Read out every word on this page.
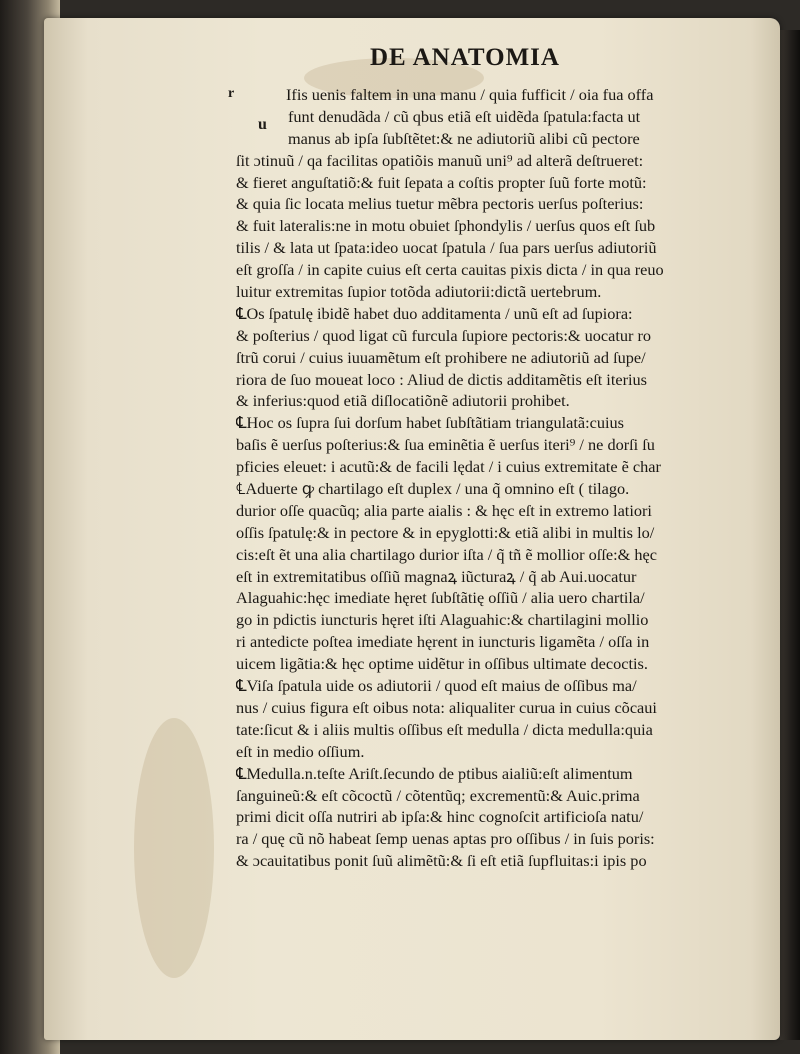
DE ANATOMIA
r
u
Ifis uenis faltem in una manu / quia fufficit / oia fua offa
funt denudãda / cũ qbus etiã eſt uidẽda ſpatula:facta ut
manus ab ipſa ſubſtẽtet:& ne adiutoriũ alibi cũ pectore
ſit ɔtinuũ / qa facilitas opatiõis manuũ uni⁹ ad alterã deſtrueret:
& fieret anguſtatiõ:& fuit ſepata a coſtis propter ſuũ forte motũ:
& quia ſic locata melius tuetur mẽbra pectoris uerſus poſterius:
& fuit lateralis:ne in motu obuiet ſphondylis / uerſus quos eſt ſub
tilis / & lata ut ſpata:ideo uocat ſpatula / ſua pars uerſus adiutoriũ
eſt groſſa / in capite cuius eſt certa cauitas pixis dicta / in qua reuo
luitur extremitas ſupior totõda adiutorii:dictã uertebrum.
℄Os ſpatulę ibidẽ habet duo additamenta / unũ eſt ad ſupiora:
& poſterius / quod ligat cũ furcula ſupiore pectoris:& uocatur ro
ſtrũ corui / cuius iuuamẽtum eſt prohibere ne adiutoriũ ad ſupe/
riora de ſuo moueat loco : Aliud de dictis additamẽtis eſt iterius
& inferius:quod etiã diſlocatiõnẽ adiutorii prohibet.
℄Hoc os ſupra ſui dorſum habet ſubſtãtiam triangulatã:cuius
baſis ẽ uerſus poſterius:& ſua eminẽtia ẽ uerſus iteri⁹ / ne dorſi ſu
pficies eleuet: i acutũ:& de facili lędat / i cuius extremitate ẽ char
℄Aduerte ꝙ chartilago eſt duplex / una q̃ omnino eſt ( tilago.
durior oſſe quacũq; alia parte aialis : & hęc eſt in extremo latiori
oſſis ſpatulę:& in pectore & in epyglotti:& etiã alibi in multis lo/
cis:eſt ẽt una alia chartilago durior iſta / q̃ tñ ẽ mollior oſſe:& hęc
eſt in extremitatibus oſſiũ magnaꝝ iũcturaꝝ / q̃ ab Aui.uocatur
Alaguahic:hęc imediate hęret ſubſtãtię oſſiũ / alia uero chartila/
go in pdictis iuncturis hęret iſti Alaguahic:& chartilagini mollio
ri antedicte poſtea imediate hęrent in iuncturis ligamẽta / oſſa in
uicem ligãtia:& hęc optime uidẽtur in oſſibus ultimate decoctis.
℄Viſa ſpatula uide os adiutorii / quod eſt maius de oſſibus ma/
nus / cuius figura eſt oibus nota: aliqualiter curua in cuius cõcaui
tate:ſicut & i aliis multis oſſibus eſt medulla / dicta medulla:quia
eſt in medio oſſium.
℄Medulla.n.teſte Ariſt.ſecundo de ptibus aialiũ:eſt alimentum
ſanguineũ:& eſt cõcoctũ / cõtentũq; excrementũ:& Auic.prima
primi dicit oſſa nutriri ab ipſa:& hinc cognoſcit artificioſa natu/
ra / quę cũ nõ habeat ſemp uenas aptas pro oſſibus / in ſuis poris:
& ɔcauitatibus ponit ſuũ alimẽtũ:& ſi eſt etiã ſupfluitas:i ipis po
